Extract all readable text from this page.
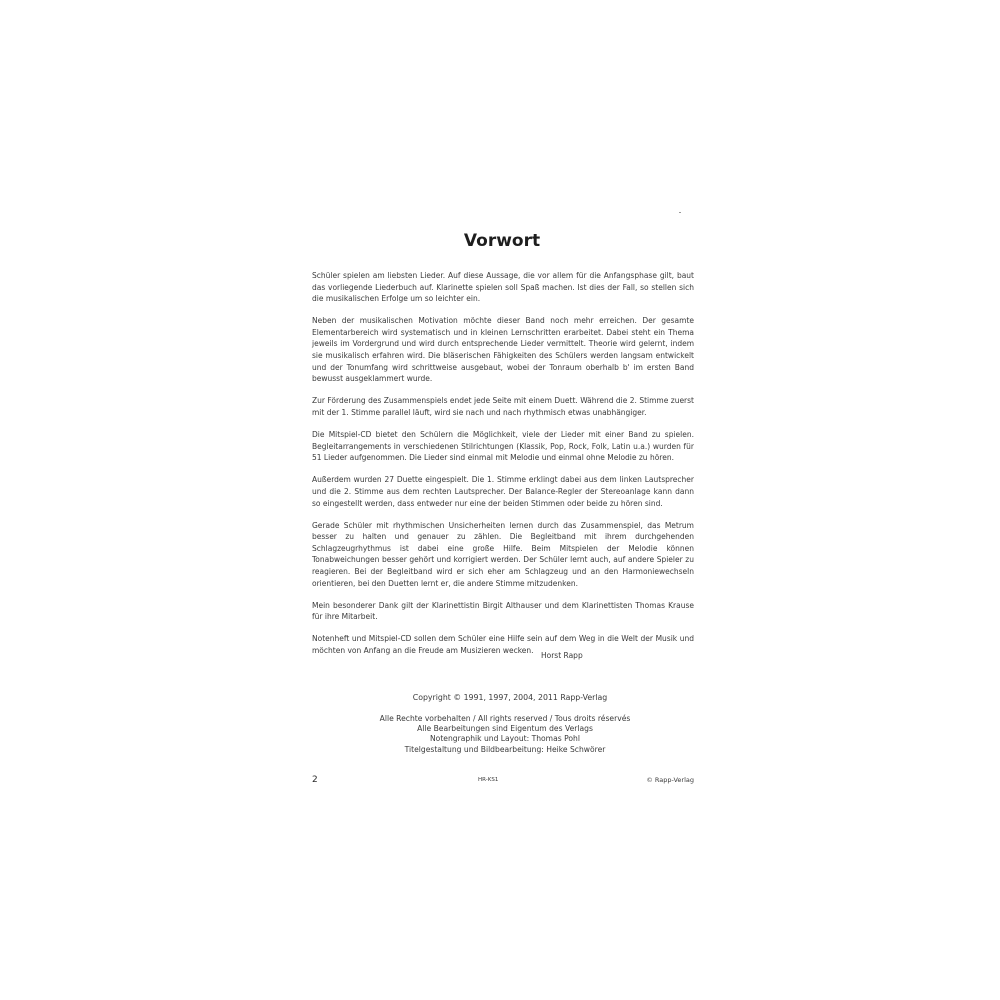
Vorwort

Schüler spielen am liebsten Lieder. Auf diese Aussage, die vor allem für die Anfangsphase gilt, baut das vorliegende Liederbuch auf. Klarinette spielen soll Spaß machen. Ist dies der Fall, so stellen sich die musikalischen Erfolge um so leichter ein.

Neben der musikalischen Motivation möchte dieser Band noch mehr erreichen. Der gesamte Elementarbereich wird systematisch und in kleinen Lernschritten erarbeitet. Dabei steht ein Thema jeweils im Vordergrund und wird durch entsprechende Lieder vermittelt. Theorie wird gelernt, indem sie musikalisch erfahren wird. Die bläserischen Fähigkeiten des Schülers werden langsam entwickelt und der Tonumfang wird schrittweise ausgebaut, wobei der Tonraum oberhalb b' im ersten Band bewusst ausgeklammert wurde.

Zur Förderung des Zusammenspiels endet jede Seite mit einem Duett. Während die 2. Stimme zuerst mit der 1. Stimme parallel läuft, wird sie nach und nach rhythmisch etwas unabhängiger.

Die Mitspiel-CD bietet den Schülern die Möglichkeit, viele der Lieder mit einer Band zu spielen. Begleitarrangements in verschiedenen Stilrichtungen (Klassik, Pop, Rock, Folk, Latin u.a.) wurden für 51 Lieder aufgenommen. Die Lieder sind einmal mit Melodie und einmal ohne Melodie zu hören.

Außerdem wurden 27 Duette eingespielt. Die 1. Stimme erklingt dabei aus dem linken Lautsprecher und die 2. Stimme aus dem rechten Lautsprecher. Der Balance-Regler der Stereoanlage kann dann so eingestellt werden, dass entweder nur eine der beiden Stimmen oder beide zu hören sind.

Gerade Schüler mit rhythmischen Unsicherheiten lernen durch das Zusammenspiel, das Metrum besser zu halten und genauer zu zählen. Die Begleitband mit ihrem durchgehenden Schlagzeugrhythmus ist dabei eine große Hilfe. Beim Mitspielen der Melodie können Tonabweichungen besser gehört und korrigiert werden. Der Schüler lernt auch, auf andere Spieler zu reagieren. Bei der Begleitband wird er sich eher am Schlagzeug und an den Harmoniewechseln orientieren, bei den Duetten lernt er, die andere Stimme mitzudenken.

Mein besonderer Dank gilt der Klarinettistin Birgit Althauser und dem Klarinettisten Thomas Krause für ihre Mitarbeit.

Notenheft und Mitspiel-CD sollen dem Schüler eine Hilfe sein auf dem Weg in die Welt der Musik und möchten von Anfang an die Freude am Musizieren wecken.

Horst Rapp
Copyright © 1991, 1997, 2004, 2011 Rapp-Verlag
Alle Rechte vorbehalten / All rights reserved / Tous droits réservés
Alle Bearbeitungen sind Eigentum des Verlags
Notengraphik und Layout: Thomas Pohl
Titelgestaltung und Bildbearbeitung: Heike Schwörer
2	HR-KS1	© Rapp-Verlag
